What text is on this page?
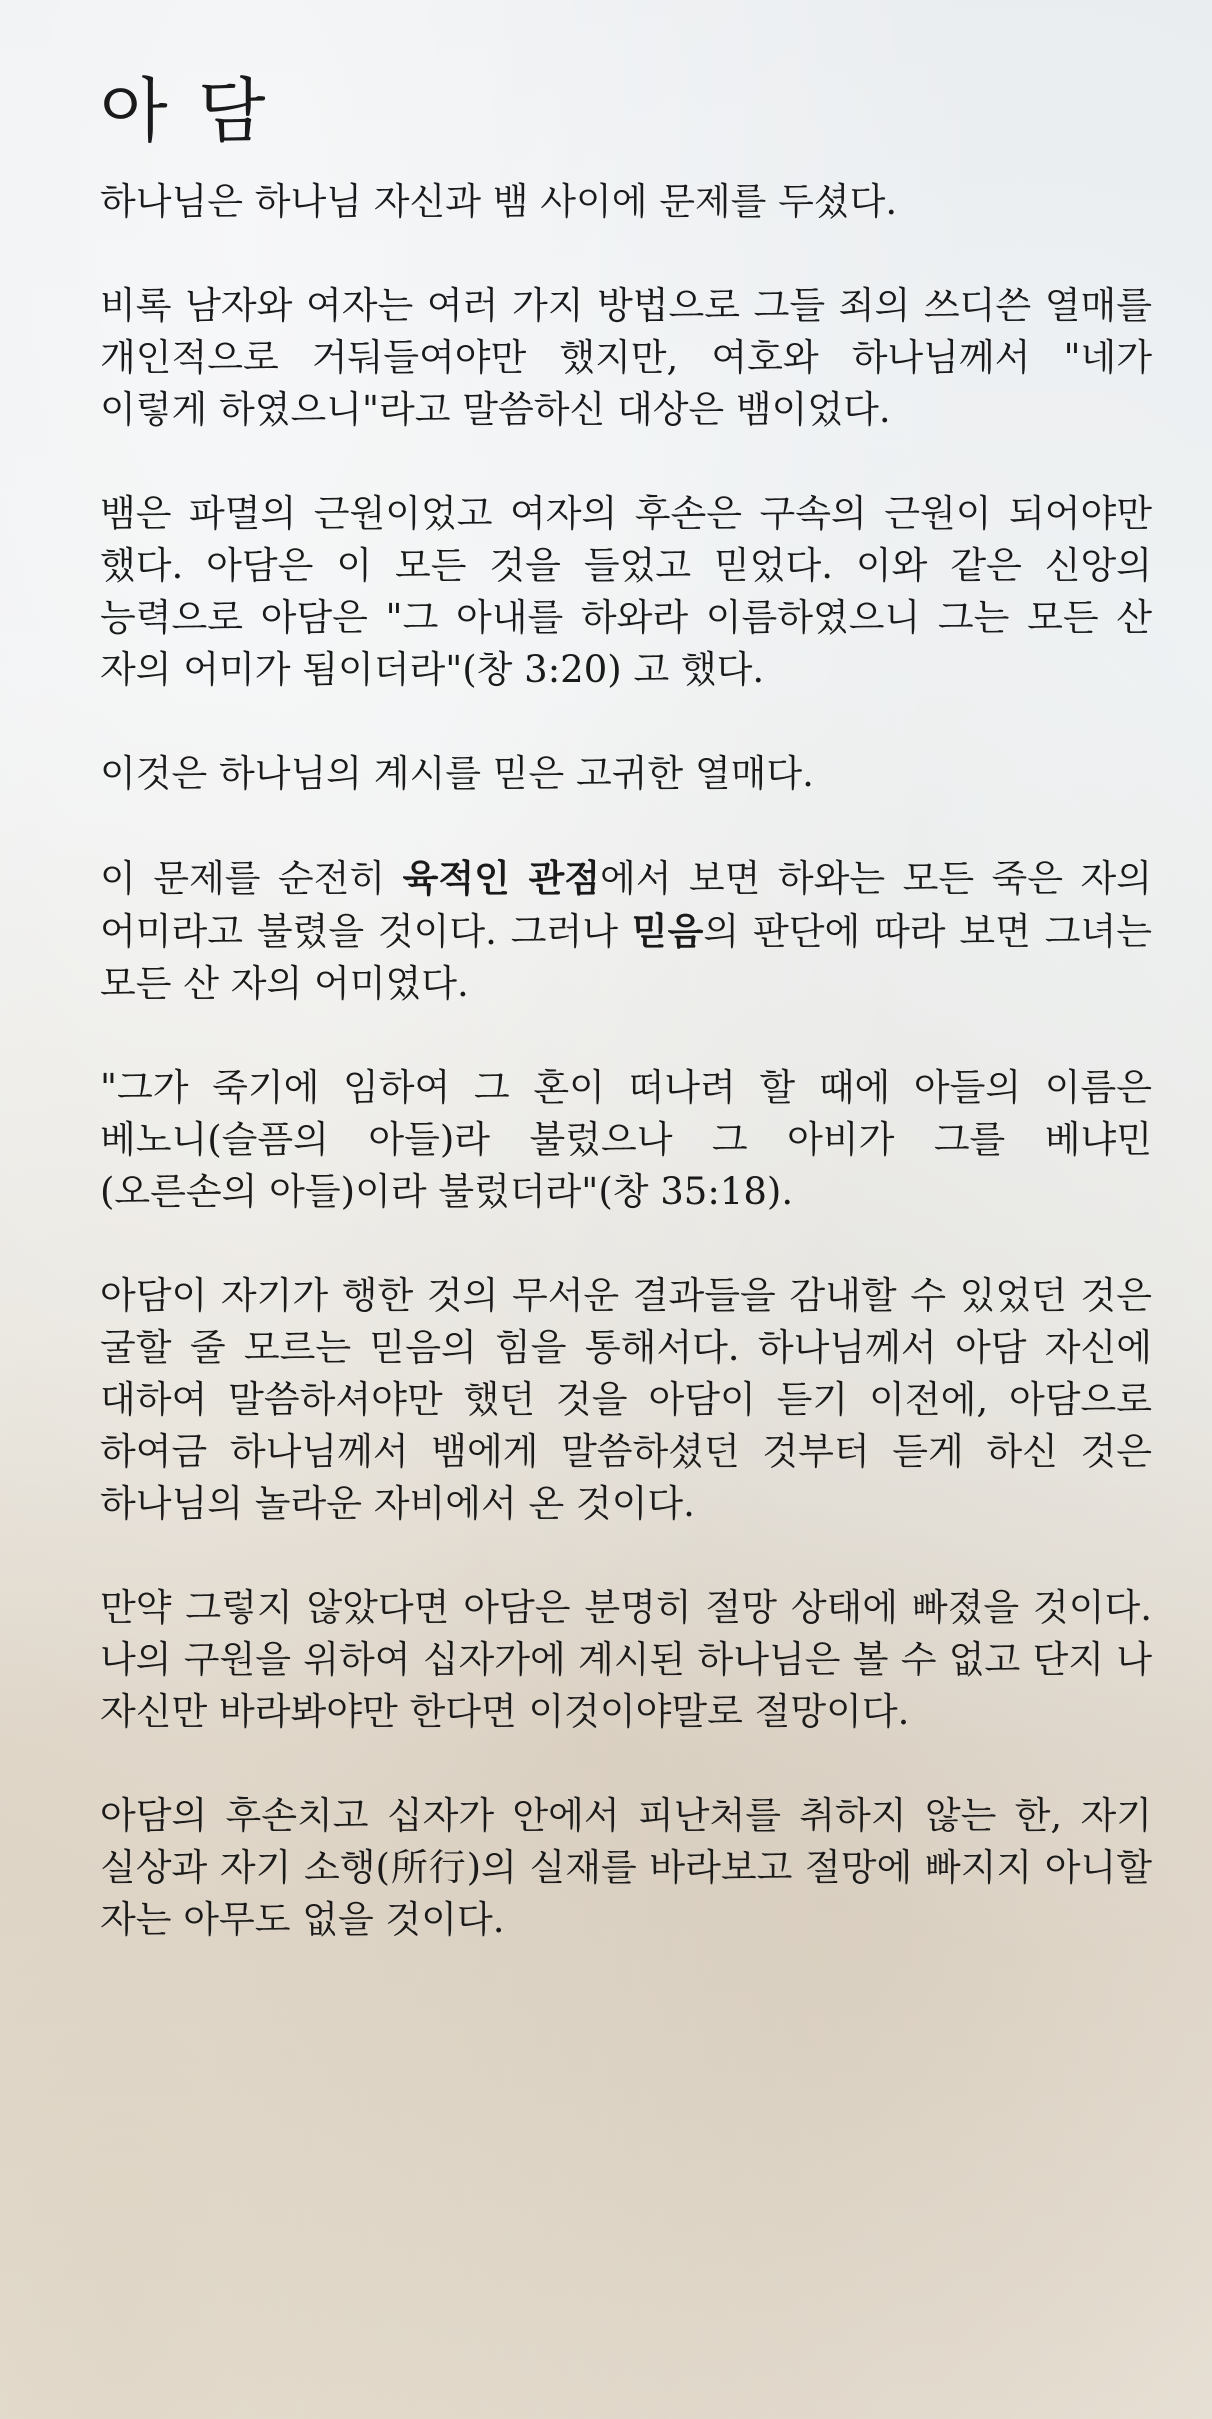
아 담

하나님은 하나님 자신과 뱀 사이에 문제를 두셨다.

비록 남자와 여자는 여러 가지 방법으로 그들 죄의 쓰디쓴 열매를 개인적으로 거둬들여야만 했지만, 여호와 하나님께서 "네가 이렇게 하였으니"라고 말씀하신 대상은 뱀이었다.

뱀은 파멸의 근원이었고 여자의 후손은 구속의 근원이 되어야만 했다. 아담은 이 모든 것을 들었고 믿었다. 이와 같은 신앙의 능력으로 아담은 "그 아내를 하와라 이름하였으니 그는 모든 산 자의 어미가 됨이더라"(창 3:20) 고 했다.

이것은 하나님의 계시를 믿은 고귀한 열매다.

이 문제를 순전히 육적인 관점에서 보면 하와는 모든 죽은 자의 어미라고 불렸을 것이다. 그러나 믿음의 판단에 따라 보면 그녀는 모든 산 자의 어미였다.

"그가 죽기에 임하여 그 혼이 떠나려 할 때에 아들의 이름은 베노니(슬픔의 아들)라 불렀으나 그 아비가 그를 베냐민 (오른손의 아들)이라 불렀더라"(창 35:18).

아담이 자기가 행한 것의 무서운 결과들을 감내할 수 있었던 것은 굴할 줄 모르는 믿음의 힘을 통해서다. 하나님께서 아담 자신에 대하여 말씀하셔야만 했던 것을 아담이 듣기 이전에, 아담으로 하여금 하나님께서 뱀에게 말씀하셨던 것부터 듣게 하신 것은 하나님의 놀라운 자비에서 온 것이다.

만약 그렇지 않았다면 아담은 분명히 절망 상태에 빠졌을 것이다. 나의 구원을 위하여 십자가에 계시된 하나님은 볼 수 없고 단지 나 자신만 바라봐야만 한다면 이것이야말로 절망이다.

아담의 후손치고 십자가 안에서 피난처를 취하지 않는 한, 자기 실상과 자기 소행(所行)의 실재를 바라보고 절망에 빠지지 아니할 자는 아무도 없을 것이다.
